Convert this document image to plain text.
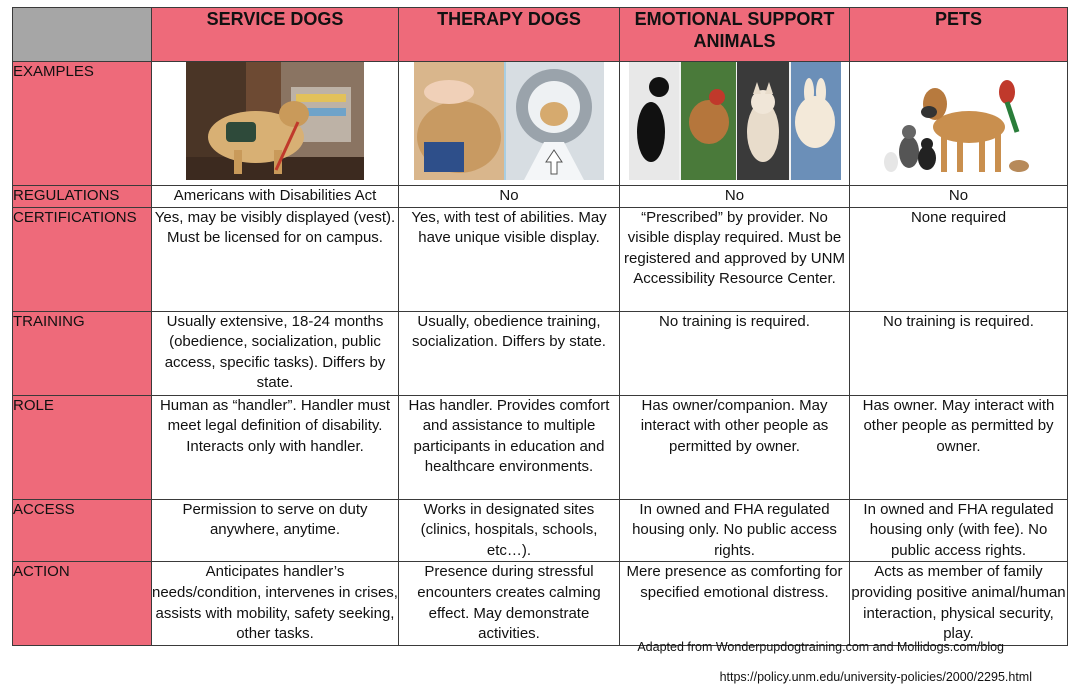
	SERVICE DOGS	THERAPY DOGS	EMOTIONAL SUPPORT ANIMALS	PETS
EXAMPLES	

REGULATIONS	Americans with Disabilities Act	No	No	No
CERTIFICATIONS	Yes, may be visibly displayed (vest). Must be licensed for on campus.	Yes, with test of abilities. May have unique visible display.	“Prescribed” by provider. No visible display required. Must be registered and approved by UNM Accessibility Resource Center.	None required
TRAINING	Usually extensive, 18-24 months (obedience, socialization, public access, specific tasks). Differs by state.	Usually, obedience training, socialization. Differs by state.	No training is required.	No training is required.
ROLE	Human as “handler”. Handler must meet legal definition of disability. Interacts only with handler.	Has handler. Provides comfort and assistance to multiple participants in education and healthcare environments.	Has owner/companion. May interact with other people as permitted by owner.	Has owner. May interact with other people as permitted by owner.
ACCESS	Permission to serve on duty anywhere, anytime.	Works in designated sites (clinics, hospitals, schools, etc…).	In owned and FHA regulated housing only. No public access rights.	In owned and FHA regulated housing only (with fee). No public access rights.
ACTION	Anticipates handler’s needs/condition, intervenes in crises, assists with mobility, safety seeking, other tasks.	Presence during stressful encounters creates calming effect. May demonstrate activities.	Mere presence as comforting for specified emotional distress.	Acts as member of family providing positive animal/human interaction, physical security, play.
Adapted from Wonderpupdogtraining.com and Mollidogs.com/blog
https://policy.unm.edu/university-policies/2000/2295.html
